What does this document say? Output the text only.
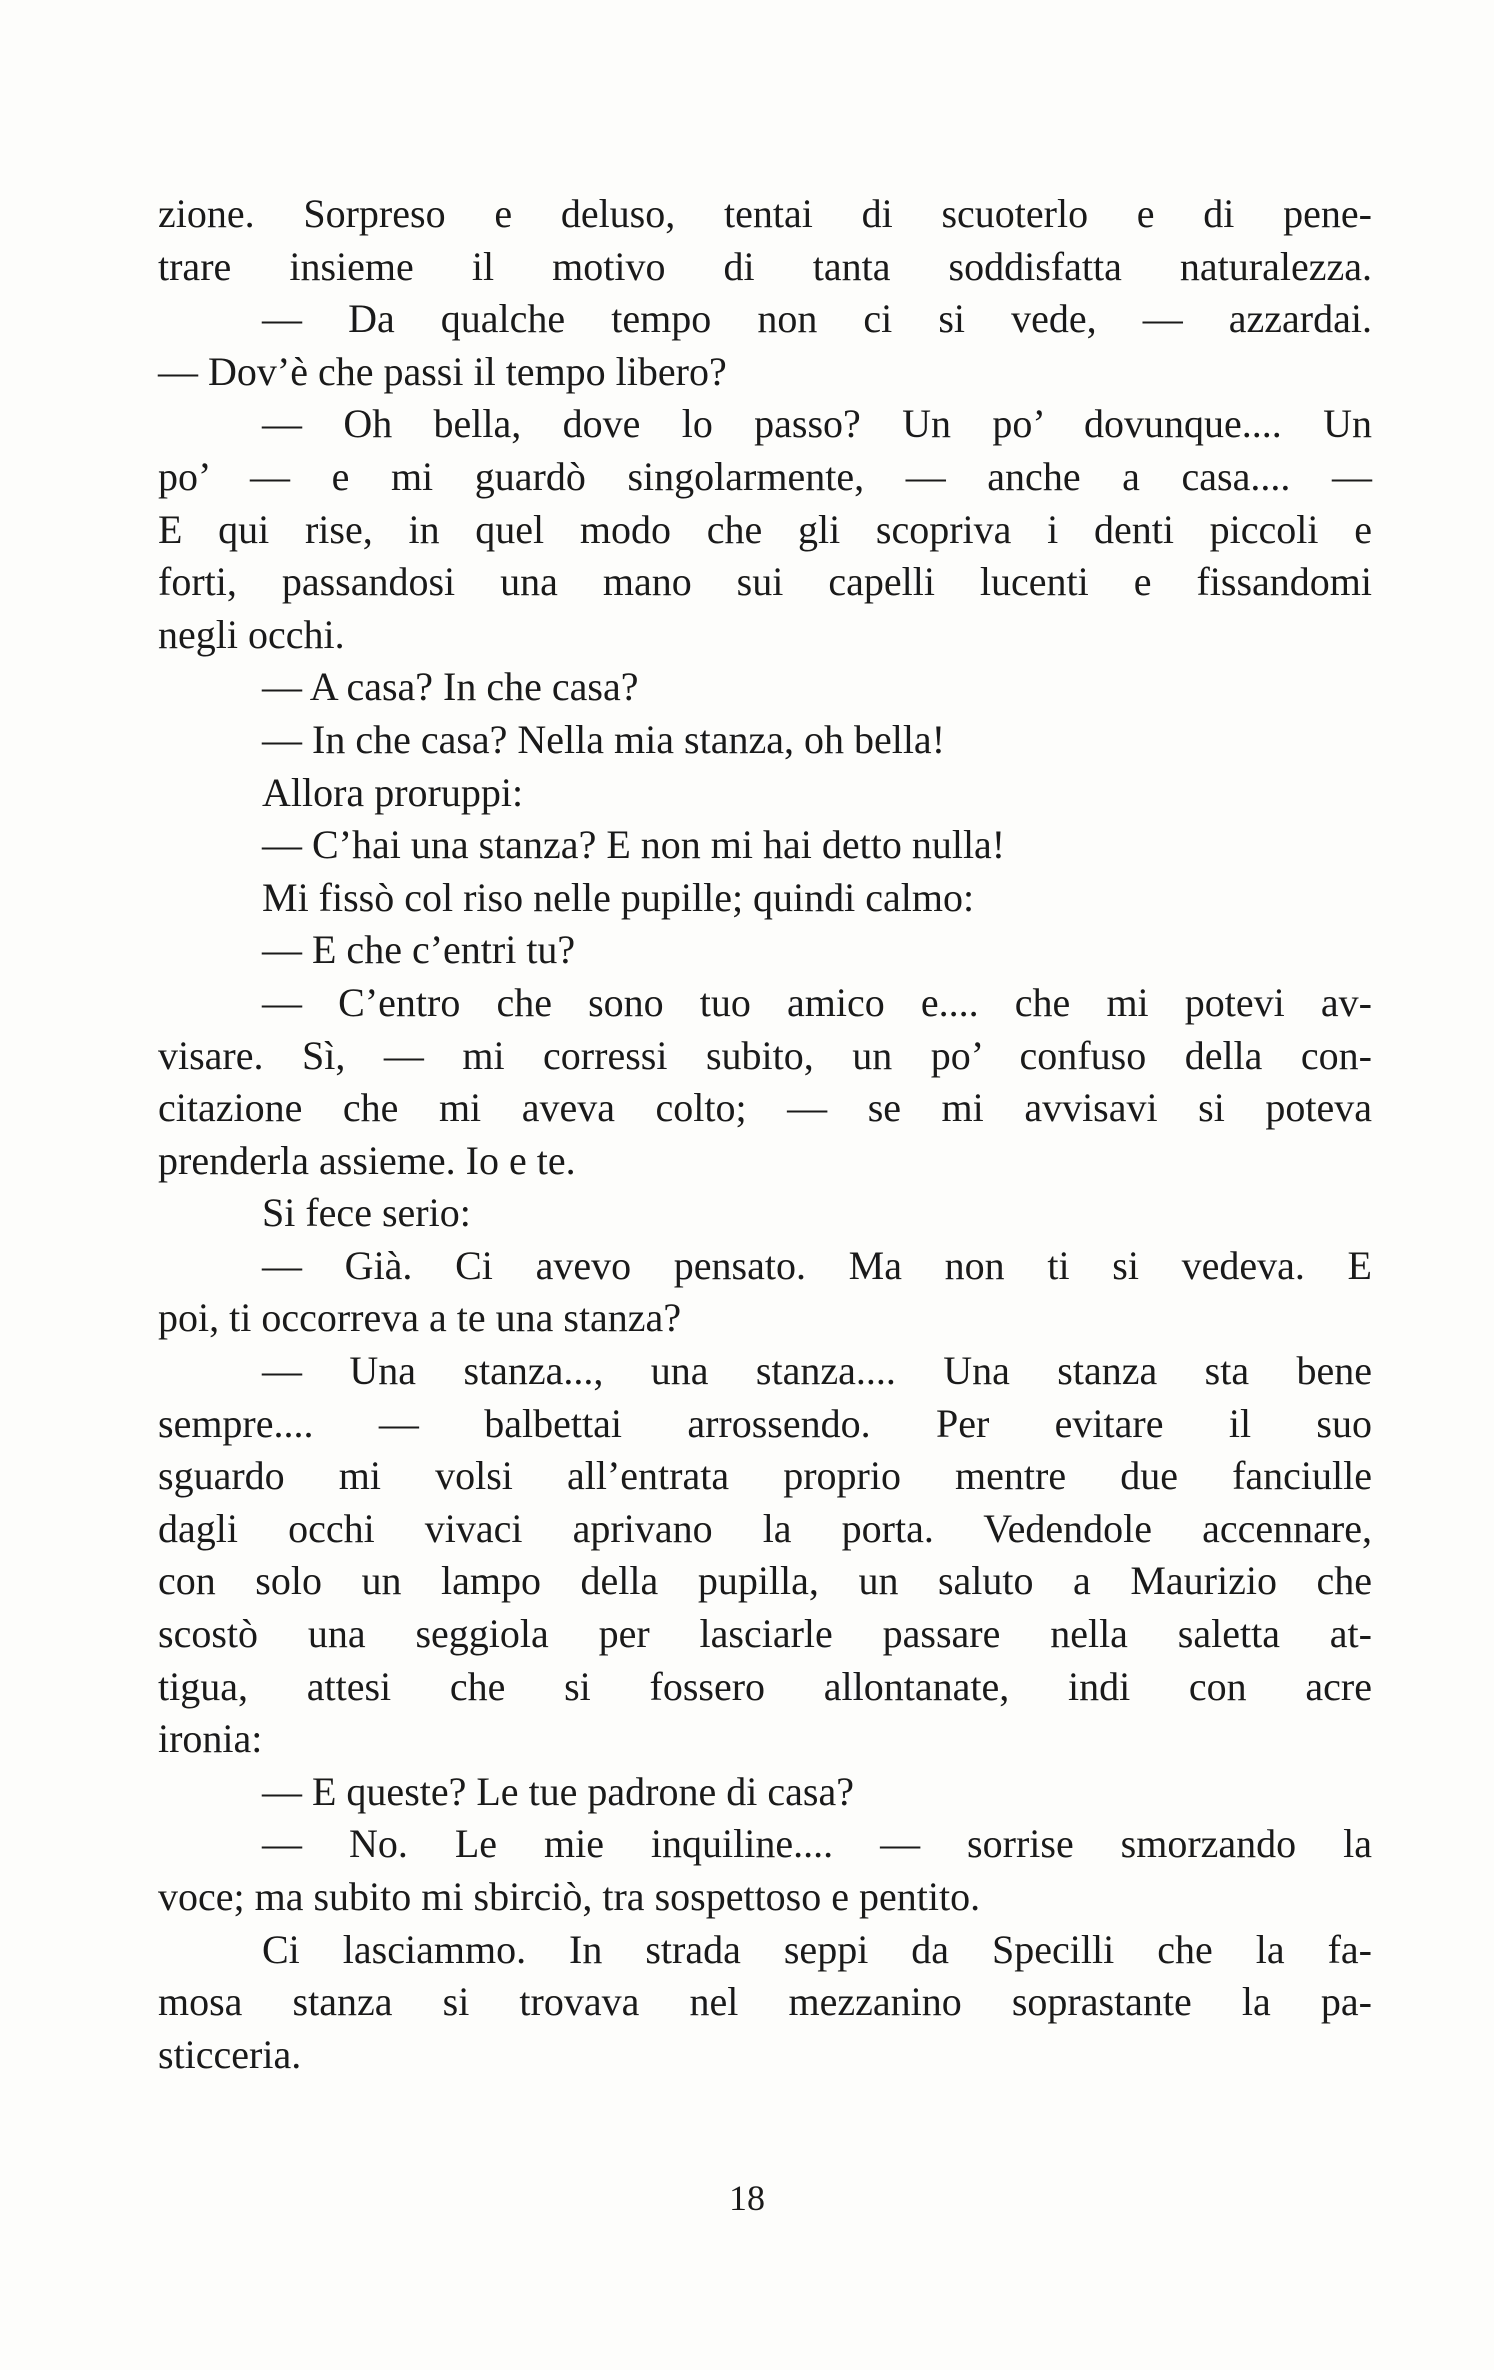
zione. Sorpreso e deluso, tentai di scuoterlo e di pene-
trare insieme il motivo di tanta soddisfatta naturalezza.
— Da qualche tempo non ci si vede, — azzardai.
— Dov’è che passi il tempo libero?
— Oh bella, dove lo passo? Un po’ dovunque.... Un
po’ — e mi guardò singolarmente, — anche a casa.... —
E qui rise, in quel modo che gli scopriva i denti piccoli e
forti, passandosi una mano sui capelli lucenti e fissandomi
negli occhi.
— A casa? In che casa?
— In che casa? Nella mia stanza, oh bella!
Allora proruppi:
— C’hai una stanza? E non mi hai detto nulla!
Mi fissò col riso nelle pupille; quindi calmo:
— E che c’entri tu?
— C’entro che sono tuo amico e.... che mi potevi av-
visare. Sì, — mi corressi subito, un po’ confuso della con-
citazione che mi aveva colto; — se mi avvisavi si poteva
prenderla assieme. Io e te.
Si fece serio:
— Già. Ci avevo pensato. Ma non ti si vedeva. E
poi, ti occorreva a te una stanza?
— Una stanza..., una stanza.... Una stanza sta bene
sempre.... — balbettai arrossendo. Per evitare il suo
sguardo mi volsi all’entrata proprio mentre due fanciulle
dagli occhi vivaci aprivano la porta. Vedendole accennare,
con solo un lampo della pupilla, un saluto a Maurizio che
scostò una seggiola per lasciarle passare nella saletta at-
tigua, attesi che si fossero allontanate, indi con acre
ironia:
— E queste? Le tue padrone di casa?
— No. Le mie inquiline.... — sorrise smorzando la
voce; ma subito mi sbirciò, tra sospettoso e pentito.
Ci lasciammo. In strada seppi da Specilli che la fa-
mosa stanza si trovava nel mezzanino soprastante la pa-
sticceria.
18
